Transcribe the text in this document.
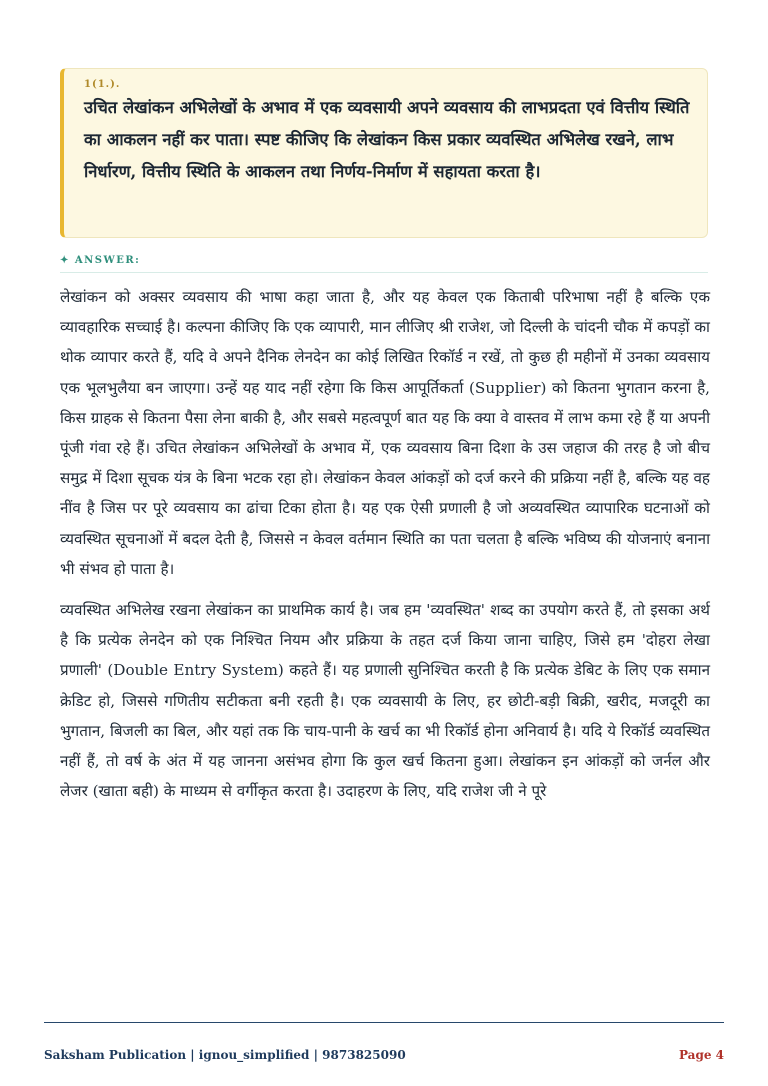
1(1.).
उचित लेखांकन अभिलेखों के अभाव में एक व्यवसायी अपने व्यवसाय की लाभप्रदता एवं वित्तीय स्थिति का आकलन नहीं कर पाता। स्पष्ट कीजिए कि लेखांकन किस प्रकार व्यवस्थित अभिलेख रखने, लाभ निर्धारण, वित्तीय स्थिति के आकलन तथा निर्णय-निर्माण में सहायता करता है।
✦ ANSWER:

लेखांकन को अक्सर व्यवसाय की भाषा कहा जाता है, और यह केवल एक किताबी परिभाषा नहीं है बल्कि एक व्यावहारिक सच्चाई है। कल्पना कीजिए कि एक व्यापारी, मान लीजिए श्री राजेश, जो दिल्ली के चांदनी चौक में कपड़ों का थोक व्यापार करते हैं, यदि वे अपने दैनिक लेनदेन का कोई लिखित रिकॉर्ड न रखें, तो कुछ ही महीनों में उनका व्यवसाय एक भूलभुलैया बन जाएगा। उन्हें यह याद नहीं रहेगा कि किस आपूर्तिकर्ता (Supplier) को कितना भुगतान करना है, किस ग्राहक से कितना पैसा लेना बाकी है, और सबसे महत्वपूर्ण बात यह कि क्या वे वास्तव में लाभ कमा रहे हैं या अपनी पूंजी गंवा रहे हैं। उचित लेखांकन अभिलेखों के अभाव में, एक व्यवसाय बिना दिशा के उस जहाज की तरह है जो बीच समुद्र में दिशा सूचक यंत्र के बिना भटक रहा हो। लेखांकन केवल आंकड़ों को दर्ज करने की प्रक्रिया नहीं है, बल्कि यह वह नींव है जिस पर पूरे व्यवसाय का ढांचा टिका होता है। यह एक ऐसी प्रणाली है जो अव्यवस्थित व्यापारिक घटनाओं को व्यवस्थित सूचनाओं में बदल देती है, जिससे न केवल वर्तमान स्थिति का पता चलता है बल्कि भविष्य की योजनाएं बनाना भी संभव हो पाता है।

व्यवस्थित अभिलेख रखना लेखांकन का प्राथमिक कार्य है। जब हम 'व्यवस्थित' शब्द का उपयोग करते हैं, तो इसका अर्थ है कि प्रत्येक लेनदेन को एक निश्चित नियम और प्रक्रिया के तहत दर्ज किया जाना चाहिए, जिसे हम 'दोहरा लेखा प्रणाली' (Double Entry System) कहते हैं। यह प्रणाली सुनिश्चित करती है कि प्रत्येक डेबिट के लिए एक समान क्रेडिट हो, जिससे गणितीय सटीकता बनी रहती है। एक व्यवसायी के लिए, हर छोटी-बड़ी बिक्री, खरीद, मजदूरी का भुगतान, बिजली का बिल, और यहां तक कि चाय-पानी के खर्च का भी रिकॉर्ड होना अनिवार्य है। यदि ये रिकॉर्ड व्यवस्थित नहीं हैं, तो वर्ष के अंत में यह जानना असंभव होगा कि कुल खर्च कितना हुआ। लेखांकन इन आंकड़ों को जर्नल और लेजर (खाता बही) के माध्यम से वर्गीकृत करता है। उदाहरण के लिए, यदि राजेश जी ने पूरे

Saksham Publication | ignou_simplified | 9873825090	Page 4
